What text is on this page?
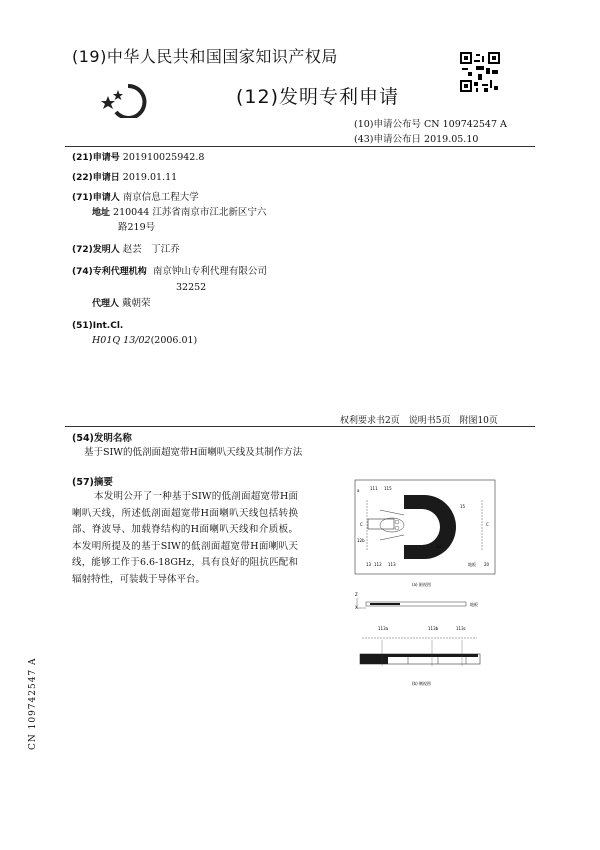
(19)中华人民共和国国家知识产权局
(12)发明专利申请
(10)申请公布号 CN 109742547 A
(43)申请公布日 2019.05.10
(21)申请号 201910025942.8
(22)申请日 2019.01.11
(71)申请人 南京信息工程大学
地址 210044 江苏省南京市江北新区宁六
路219号
(72)发明人 赵芸　丁江乔
(74)专利代理机构 南京钟山专利代理有限公司
32252
代理人 戴朝荣
(51)Int.Cl.
H01Q 13/02(2006.01)
权利要求书2页　说明书5页　附图10页
(54)发明名称
基于SIW的低剖面超宽带H面喇叭天线及其制作方法
(57)摘要
本发明公开了一种基于SIW的低剖面超宽带H面喇叭天线，所述低剖面超宽带H面喇叭天线包括转换部、脊波导、加载脊结构的H面喇叭天线和介质板。本发明所提及的基于SIW的低剖面超宽带H面喇叭天线，能够工作于6.6-18GHz，具有良好的阻抗匹配和辐射特性，可装载于导体平台。
a	111 115
15
C	C
12b
13 112 113
14
20
地板
(a) 俯视图
Z
X
地板
113a	113b	113c
(b) 侧视图
CN 109742547 A
